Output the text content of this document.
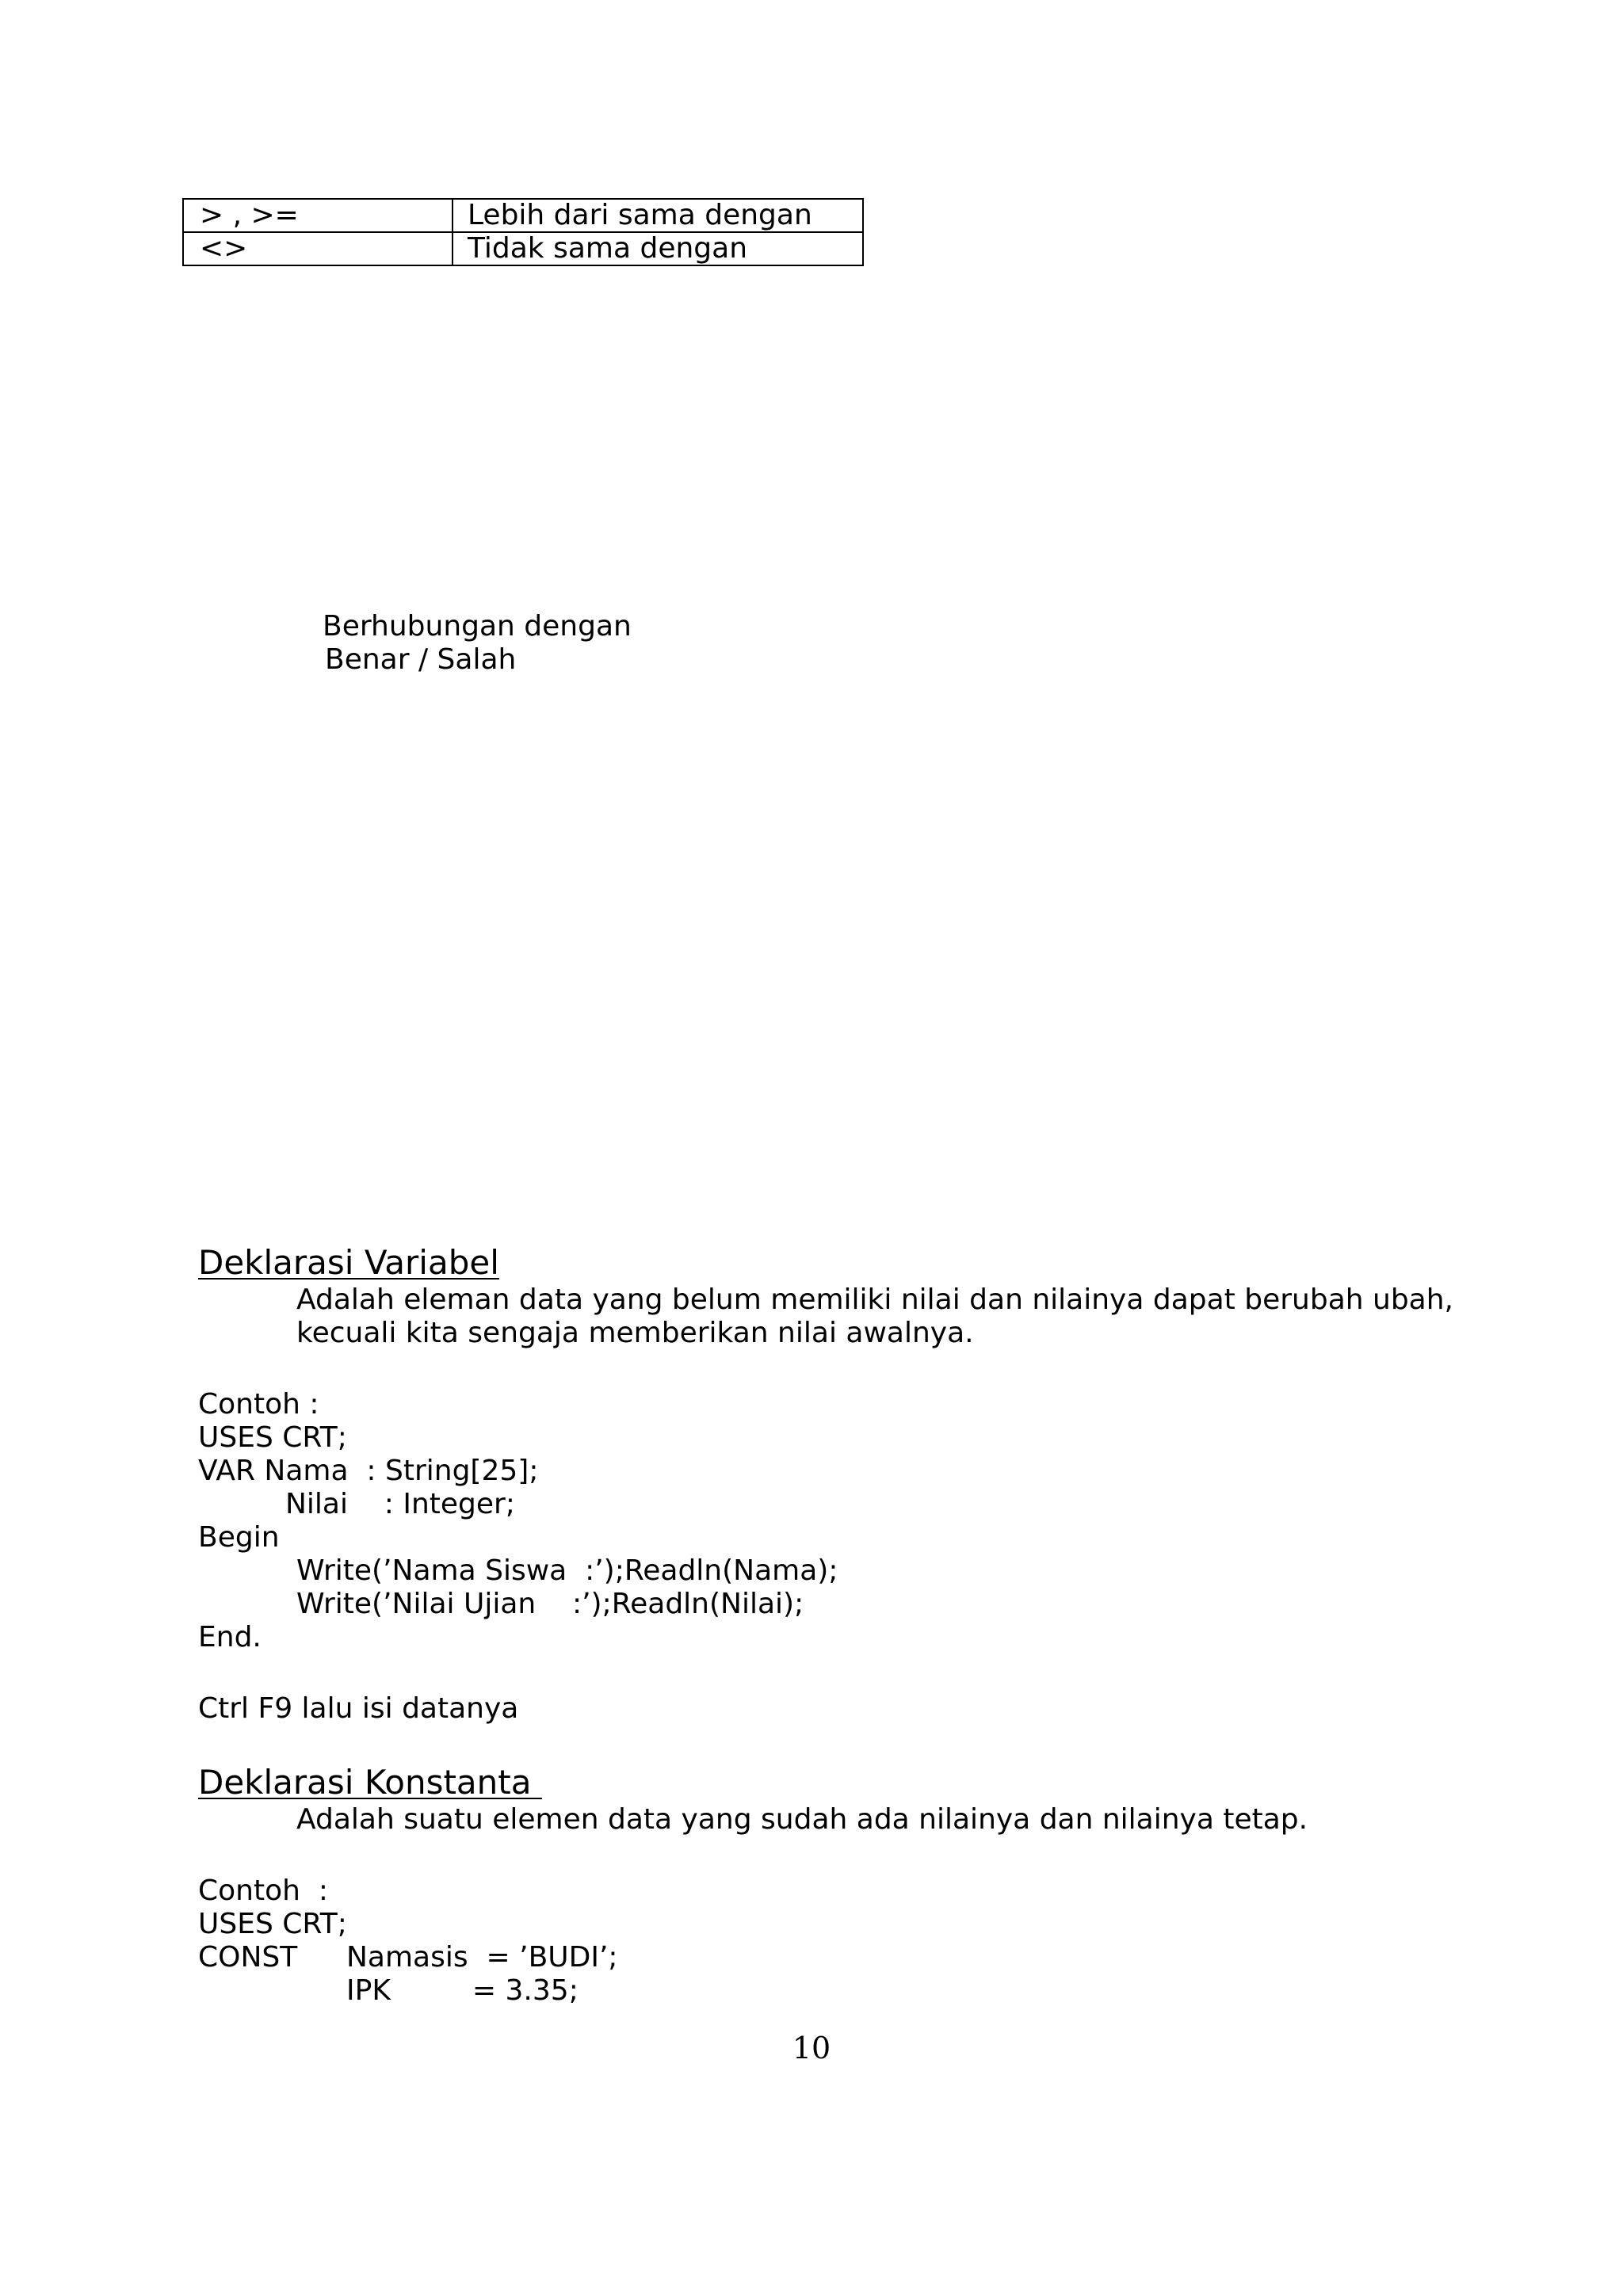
> , >=	Lebih dari sama dengan
<>	Tidak sama dengan
Berhubungan dengan
Benar / Salah
Deklarasi Variabel
Adalah eleman data yang belum memiliki nilai dan nilainya dapat berubah ubah,
kecuali kita sengaja memberikan nilai awalnya.
Contoh :
USES CRT;
VAR Nama  : String[25];
Nilai    : Integer;
Begin
Write(’Nama Siswa  :’);Readln(Nama);
Write(’Nilai Ujian    :’);Readln(Nilai);
End.
Ctrl F9 lalu isi datanya
Deklarasi Konstanta
Adalah suatu elemen data yang sudah ada nilainya dan nilainya tetap.
Contoh  :
USES CRT;
CONST Namasis  = ’BUDI’;
IPK         = 3.35;
10
